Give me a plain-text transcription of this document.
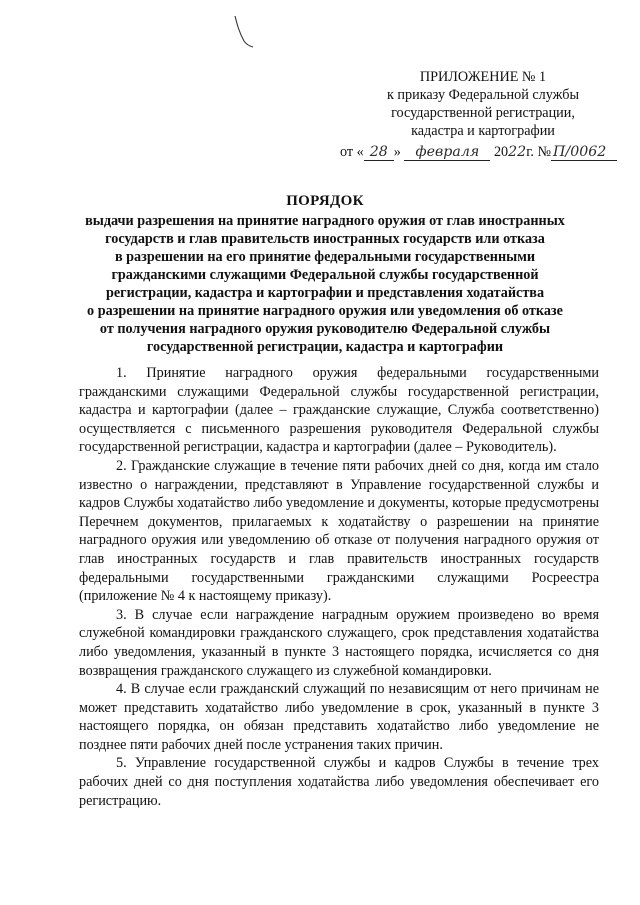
ПРИЛОЖЕНИЕ № 1
к приказу Федеральной службы
государственной регистрации,
кадастра и картографии
от « 28 » февраля 2022г. № П/0062
ПОРЯДОК
выдачи разрешения на принятие наградного оружия от глав иностранных
государств и глав правительств иностранных государств или отказа
в разрешении на его принятие федеральными государственными
гражданскими служащими Федеральной службы государственной
регистрации, кадастра и картографии и представления ходатайства
о разрешении на принятие наградного оружия или уведомления об отказе
от получения наградного оружия руководителю Федеральной службы
государственной регистрации, кадастра и картографии

1. Принятие наградного оружия федеральными государственными гражданскими служащими Федеральной службы государственной регистрации, кадастра и картографии (далее – гражданские служащие, Служба соответственно) осуществляется с письменного разрешения руководителя Федеральной службы государственной регистрации, кадастра и картографии (далее – Руководитель).

2. Гражданские служащие в течение пяти рабочих дней со дня, когда им стало известно о награждении, представляют в Управление государственной службы и кадров Службы ходатайство либо уведомление и документы, которые предусмотрены Перечнем документов, прилагаемых к ходатайству о разрешении на принятие наградного оружия или уведомлению об отказе от получения наградного оружия от глав иностранных государств и глав правительств иностранных государств федеральными государственными гражданскими служащими Росреестра (приложение № 4 к настоящему приказу).

3. В случае если награждение наградным оружием произведено во время служебной командировки гражданского служащего, срок представления ходатайства либо уведомления, указанный в пункте 3 настоящего порядка, исчисляется со дня возвращения гражданского служащего из служебной командировки.

4. В случае если гражданский служащий по независящим от него причинам не может представить ходатайство либо уведомление в срок, указанный в пункте 3 настоящего порядка, он обязан представить ходатайство либо уведомление не позднее пяти рабочих дней после устранения таких причин.

5. Управление государственной службы и кадров Службы в течение трех рабочих дней со дня поступления ходатайства либо уведомления обеспечивает его регистрацию.
